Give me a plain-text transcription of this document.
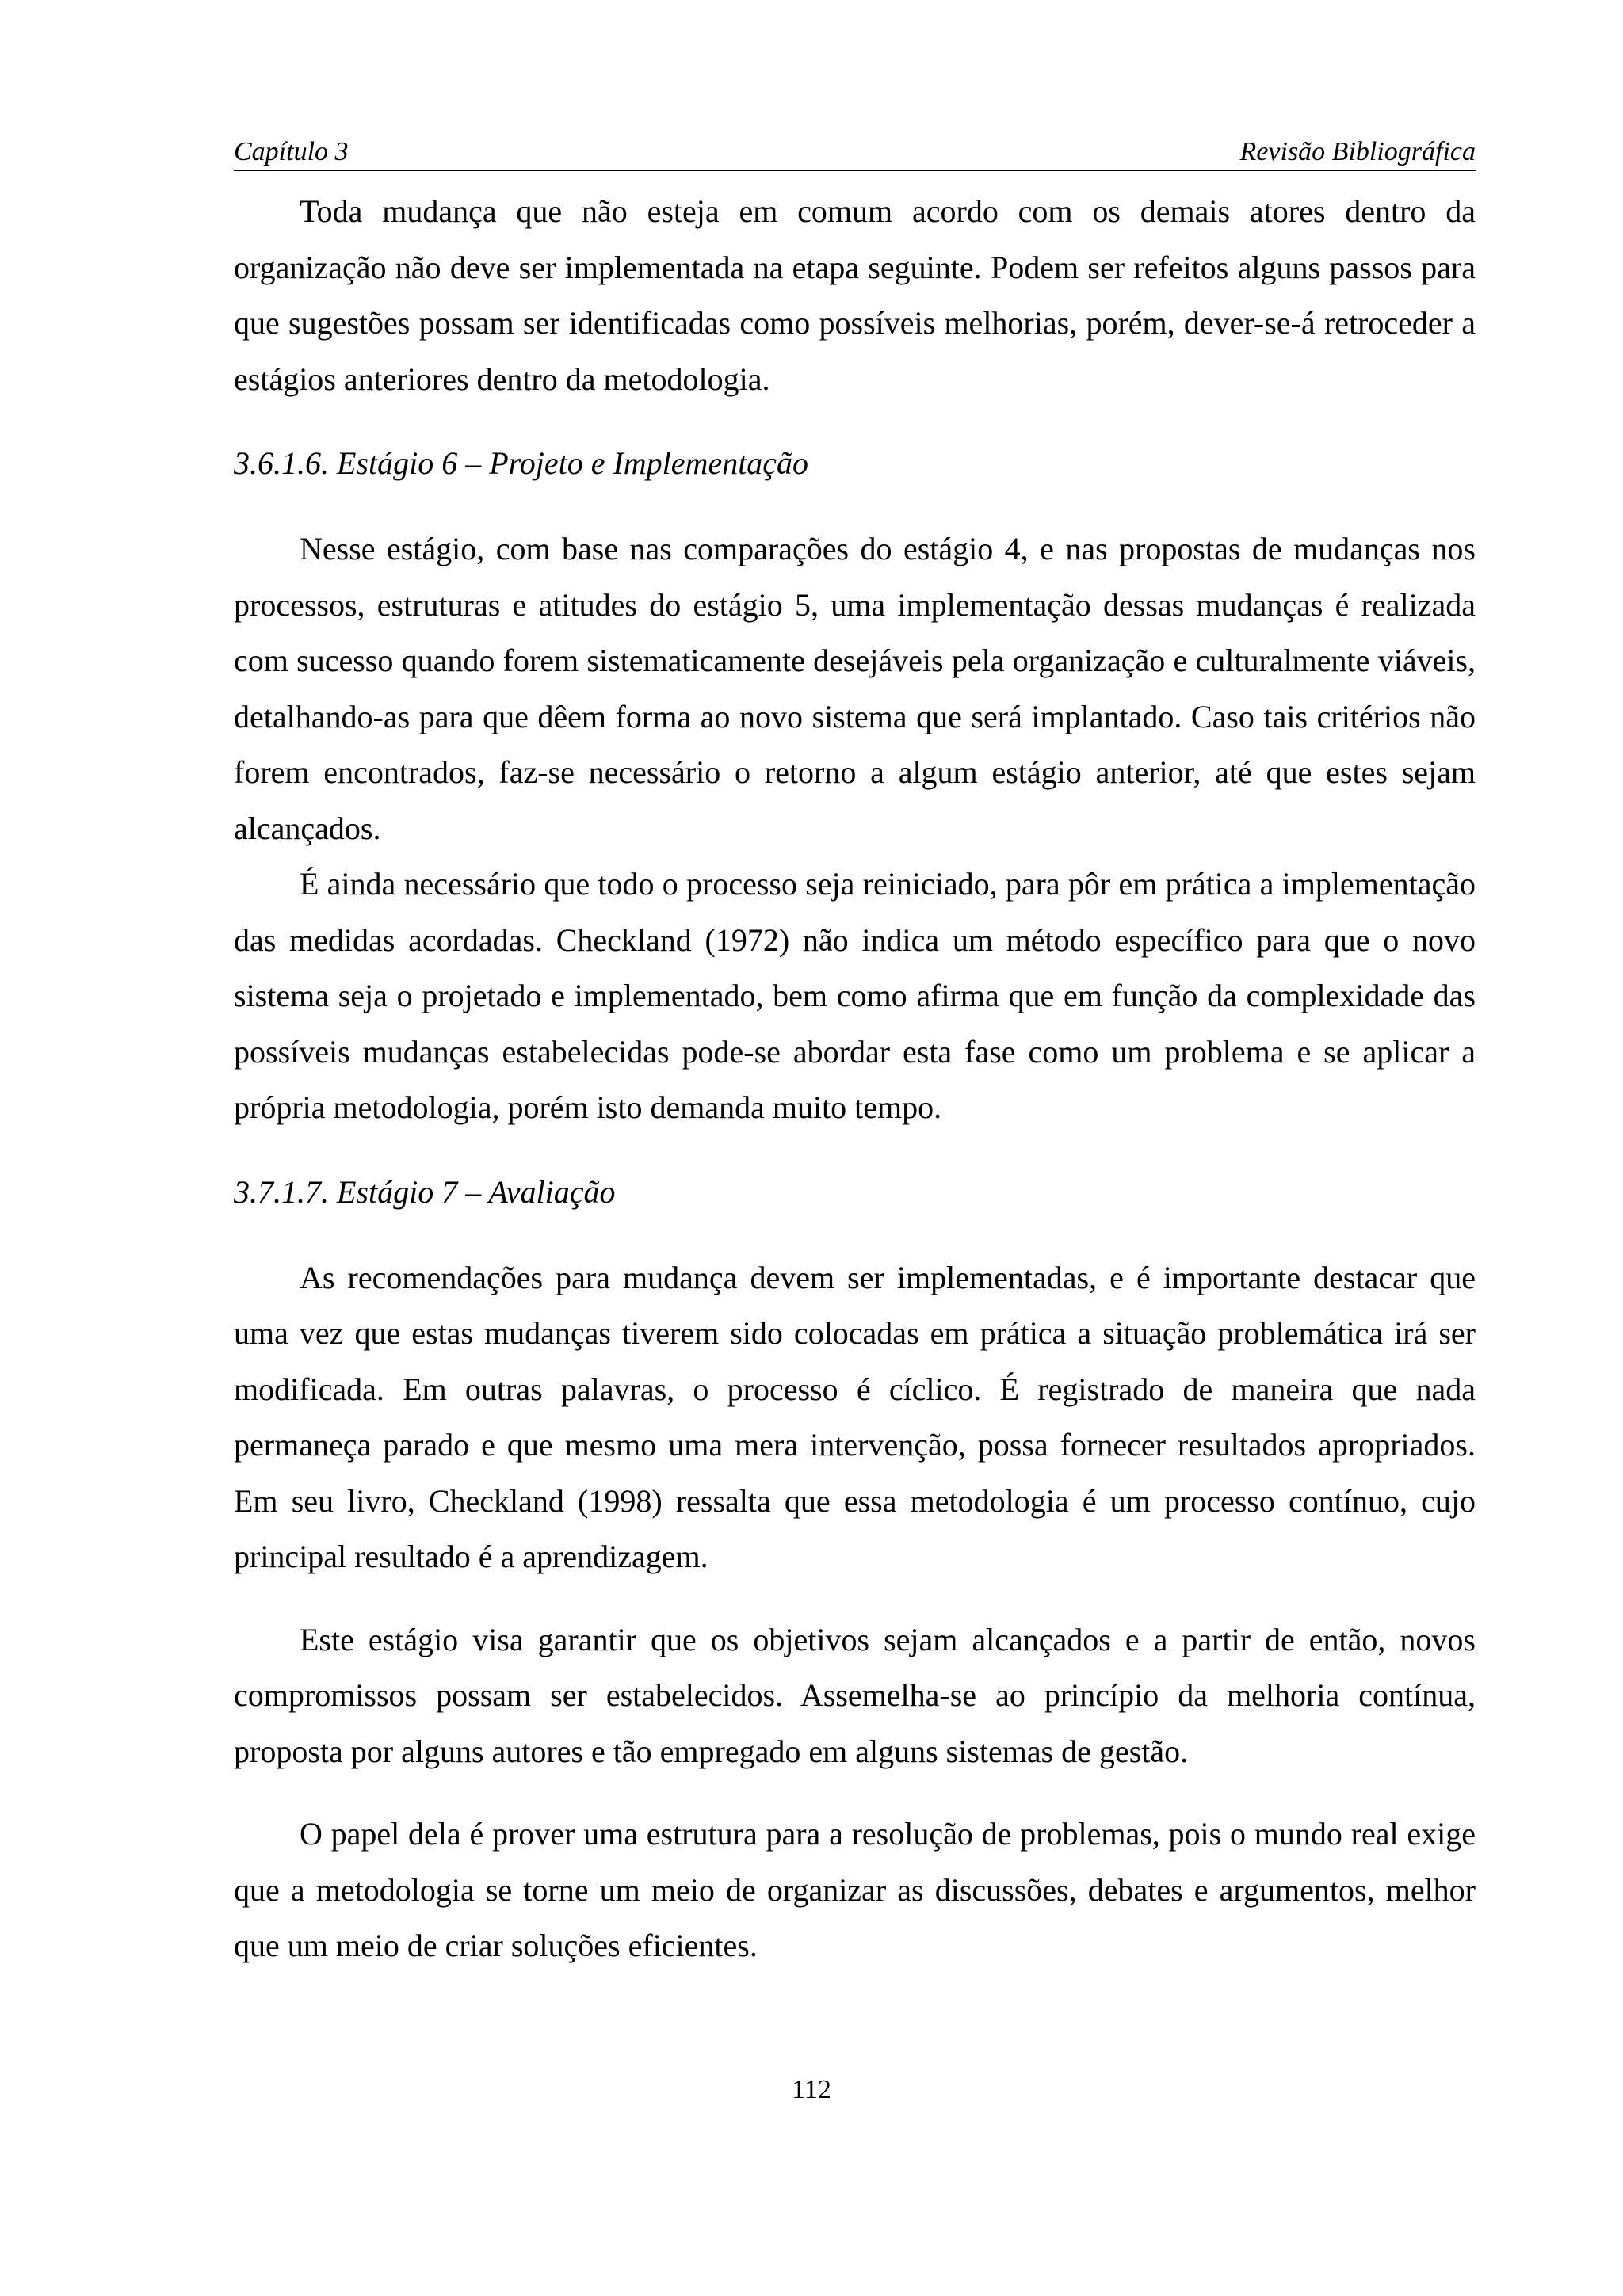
Capítulo 3	Revisão Bibliográfica

Toda mudança que não esteja em comum acordo com os demais atores dentro da organização não deve ser implementada na etapa seguinte. Podem ser refeitos alguns passos para que sugestões possam ser identificadas como possíveis melhorias, porém, dever-se-á retroceder a estágios anteriores dentro da metodologia.

3.6.1.6. Estágio 6 – Projeto e Implementação

Nesse estágio, com base nas comparações do estágio 4, e nas propostas de mudanças nos processos, estruturas e atitudes do estágio 5, uma implementação dessas mudanças é realizada com sucesso quando forem sistematicamente desejáveis pela organização e culturalmente viáveis, detalhando-as para que dêem forma ao novo sistema que será implantado. Caso tais critérios não forem encontrados, faz-se necessário o retorno a algum estágio anterior, até que estes sejam alcançados.

É ainda necessário que todo o processo seja reiniciado, para pôr em prática a implementação das medidas acordadas. Checkland (1972) não indica um método específico para que o novo sistema seja o projetado e implementado, bem como afirma que em função da complexidade das possíveis mudanças estabelecidas pode-se abordar esta fase como um problema e se aplicar a própria metodologia, porém isto demanda muito tempo.

3.7.1.7. Estágio 7 – Avaliação

As recomendações para mudança devem ser implementadas, e é importante destacar que uma vez que estas mudanças tiverem sido colocadas em prática a situação problemática irá ser modificada. Em outras palavras, o processo é cíclico. É registrado de maneira que nada permaneça parado e que mesmo uma mera intervenção, possa fornecer resultados apropriados. Em seu livro, Checkland (1998) ressalta que essa metodologia é um processo contínuo, cujo principal resultado é a aprendizagem.

Este estágio visa garantir que os objetivos sejam alcançados e a partir de então, novos compromissos possam ser estabelecidos. Assemelha-se ao princípio da melhoria contínua, proposta por alguns autores e tão empregado em alguns sistemas de gestão.

O papel dela é prover uma estrutura para a resolução de problemas, pois o mundo real exige que a metodologia se torne um meio de organizar as discussões, debates e argumentos, melhor que um meio de criar soluções eficientes.

112
